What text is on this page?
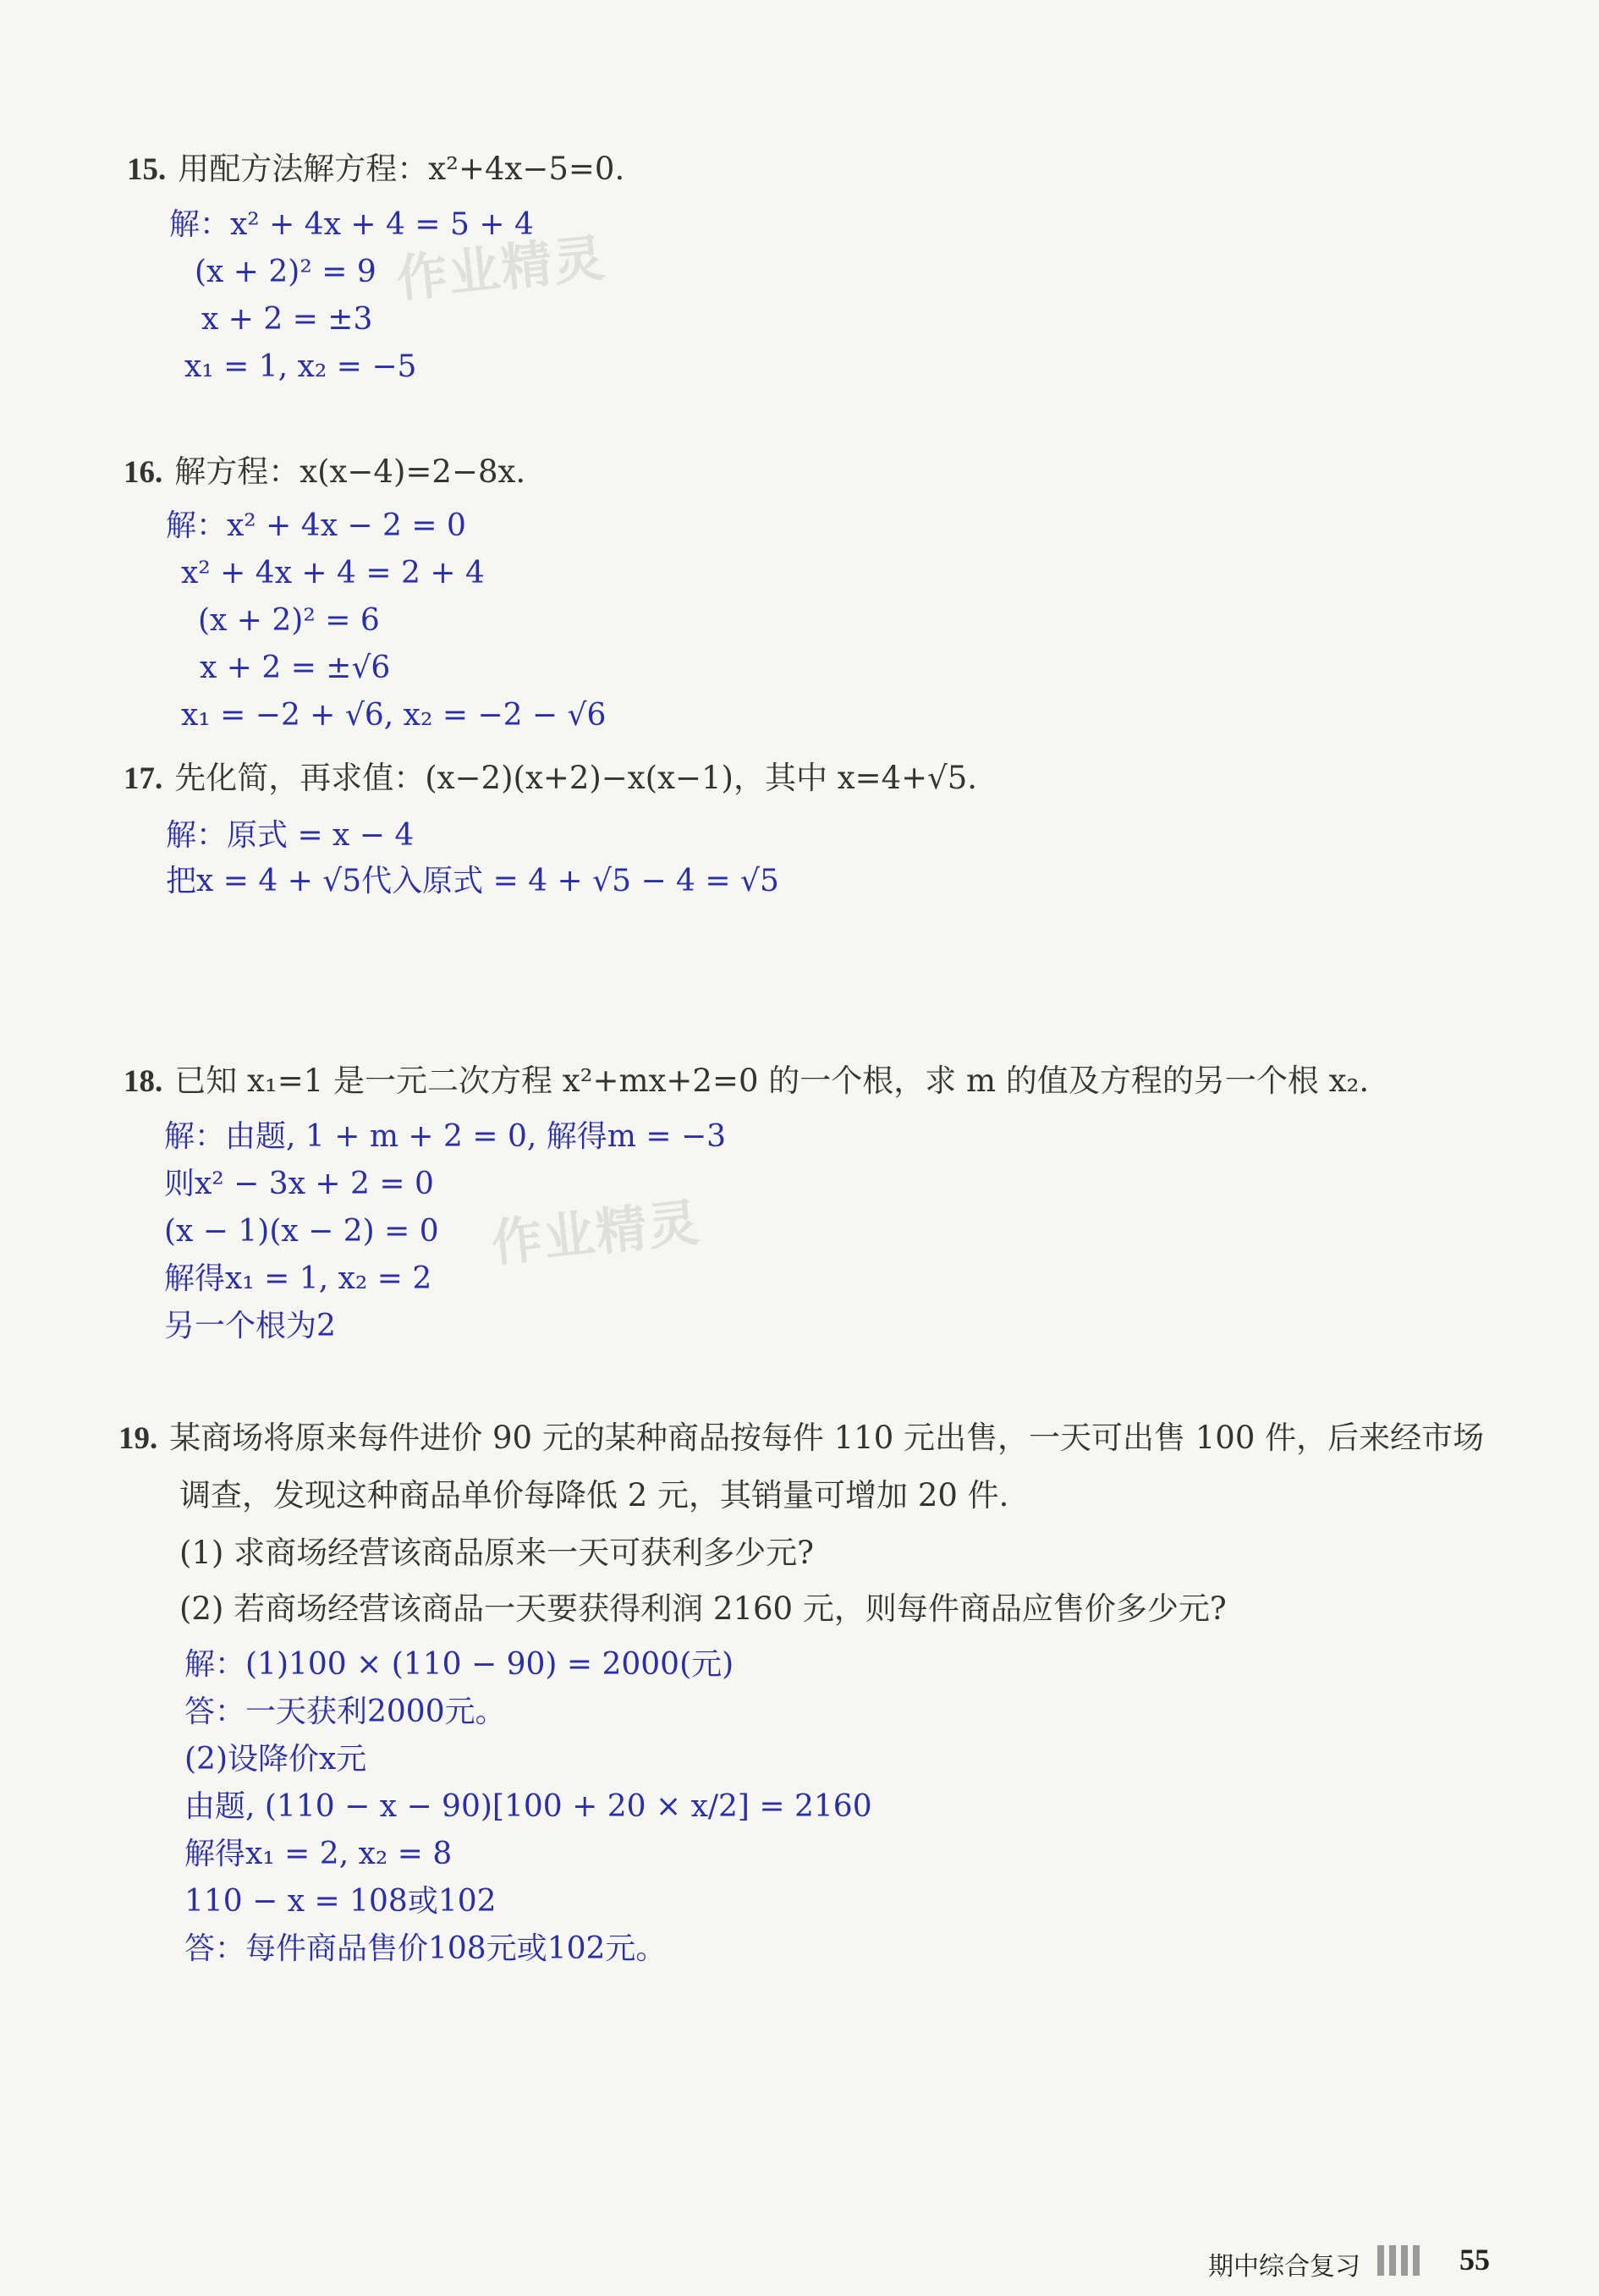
15. 用配方法解方程：x²+4x−5=0.
解：x² + 4x + 4 = 5 + 4
(x + 2)² = 9
x + 2 = ±3
x₁ = 1, x₂ = −5
作业精灵
16. 解方程：x(x−4)=2−8x.
解：x² + 4x − 2 = 0
x² + 4x + 4 = 2 + 4
(x + 2)² = 6
x + 2 = ±√6
x₁ = −2 + √6, x₂ = −2 − √6
17. 先化简，再求值：(x−2)(x+2)−x(x−1)，其中 x=4+√5.
解：原式 = x − 4
把x = 4 + √5代入原式 = 4 + √5 − 4 = √5
18. 已知 x₁=1 是一元二次方程 x²+mx+2=0 的一个根，求 m 的值及方程的另一个根 x₂.
解：由题, 1 + m + 2 = 0, 解得m = −3
则x² − 3x + 2 = 0
(x − 1)(x − 2) = 0
解得x₁ = 1, x₂ = 2
另一个根为2
作业精灵
19. 某商场将原来每件进价 90 元的某种商品按每件 110 元出售，一天可出售 100 件，后来经市场
调查，发现这种商品单价每降低 2 元，其销量可增加 20 件.
(1) 求商场经营该商品原来一天可获利多少元?
(2) 若商场经营该商品一天要获得利润 2160 元，则每件商品应售价多少元?
解：(1)100 × (110 − 90) = 2000(元)
答：一天获利2000元。
(2)设降价x元
由题, (110 − x − 90)[100 + 20 × x/2] = 2160
解得x₁ = 2, x₂ = 8
110 − x = 108或102
答：每件商品售价108元或102元。
期中综合复习	55
